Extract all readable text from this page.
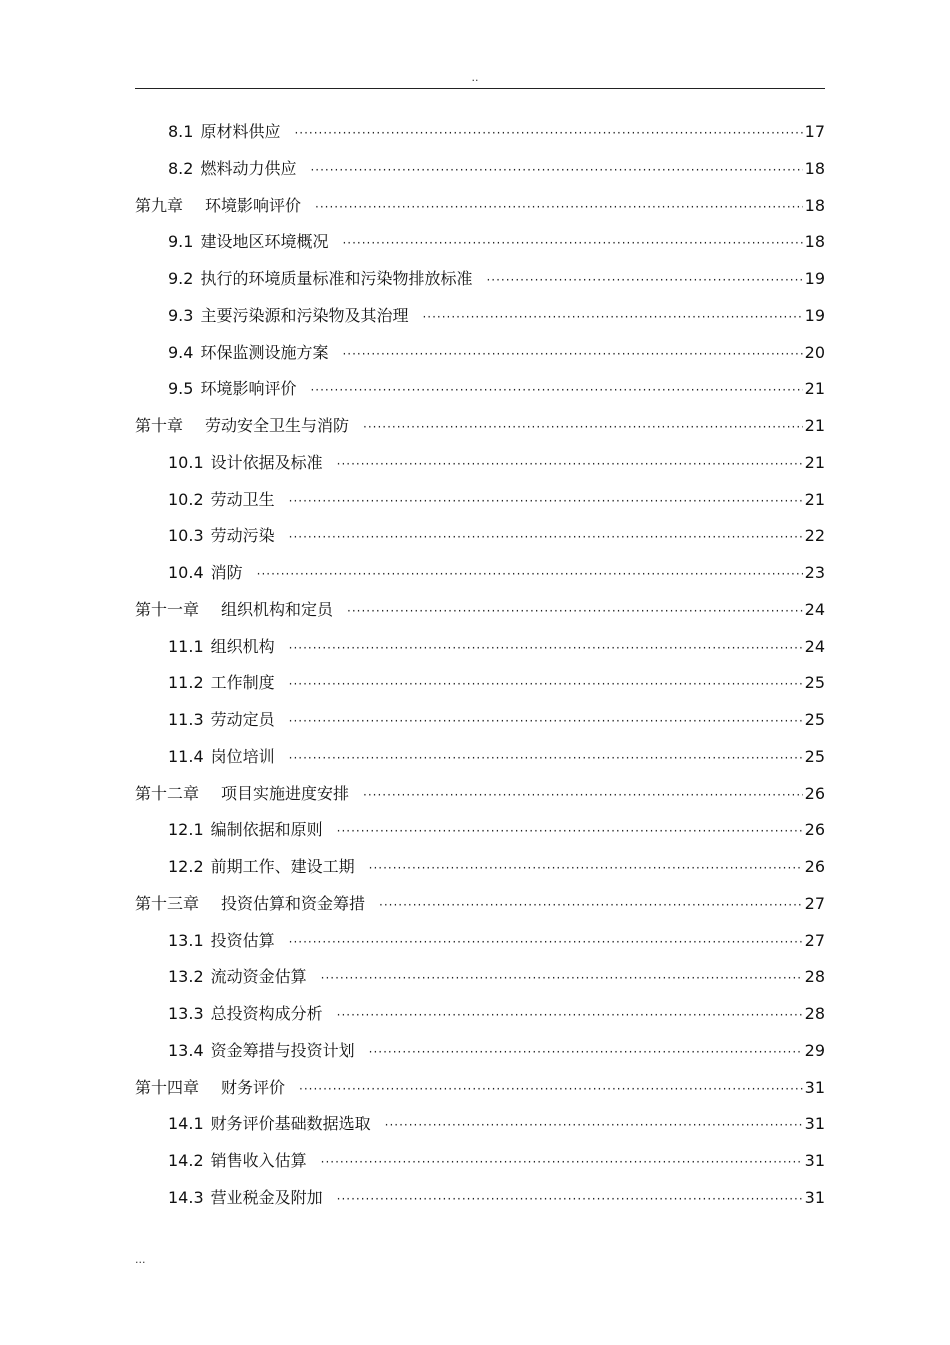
..
8.1 原材料供应 ·····	17
8.2 燃料动力供应 ·····	18
第九章 环境影响评价 ·····	18
9.1 建设地区环境概况 ·····	18
9.2 执行的环境质量标准和污染物排放标准 ·····	19
9.3 主要污染源和污染物及其治理 ·····	19
9.4 环保监测设施方案 ·····	20
9.5 环境影响评价 ·····	21
第十章 劳动安全卫生与消防 ·····	21
10.1 设计依据及标准 ·····	21
10.2 劳动卫生 ·····	21
10.3 劳动污染 ·····	22
10.4 消防 ·····	23
第十一章 组织机构和定员 ·····	24
11.1 组织机构 ·····	24
11.2 工作制度 ·····	25
11.3 劳动定员 ·····	25
11.4 岗位培训 ·····	25
第十二章 项目实施进度安排 ·····	26
12.1 编制依据和原则 ·····	26
12.2 前期工作、建设工期 ·····	26
第十三章 投资估算和资金筹措 ·····	27
13.1 投资估算 ·····	27
13.2 流动资金估算 ·····	28
13.3 总投资构成分析 ·····	28
13.4 资金筹措与投资计划 ·····	29
第十四章 财务评价 ·····	31
14.1 财务评价基础数据选取 ·····	31
14.2 销售收入估算 ·····	31
14.3 营业税金及附加 ·····	31
...
